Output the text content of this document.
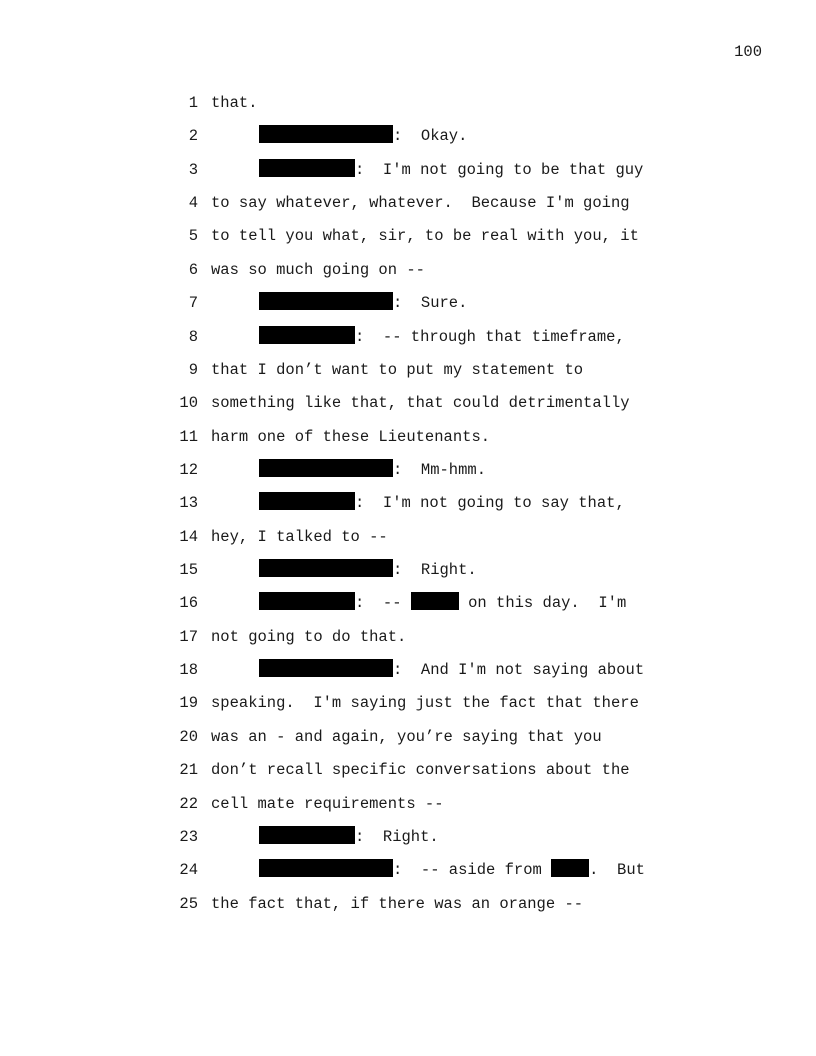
100
1 that.
2	:  Okay.
3	:  I'm not going to be that guy
4 to say whatever, whatever.  Because I'm going
5 to tell you what, sir, to be real with you, it
6 was so much going on --
7	:  Sure.
8	:  -- through that timeframe,
9 that I don’t want to put my statement to
10 something like that, that could detrimentally
11 harm one of these Lieutenants.
12	:  Mm-hmm.
13	:  I'm not going to say that,
14 hey, I talked to --
15	:  Right.
16	:  --	on this day.  I'm
17 not going to do that.
18	:  And I'm not saying about
19 speaking.  I'm saying just the fact that there
20 was an - and again, you’re saying that you
21 don’t recall specific conversations about the
22 cell mate requirements --
23	:  Right.
24	:  -- aside from .  But
25 the fact that, if there was an orange --
